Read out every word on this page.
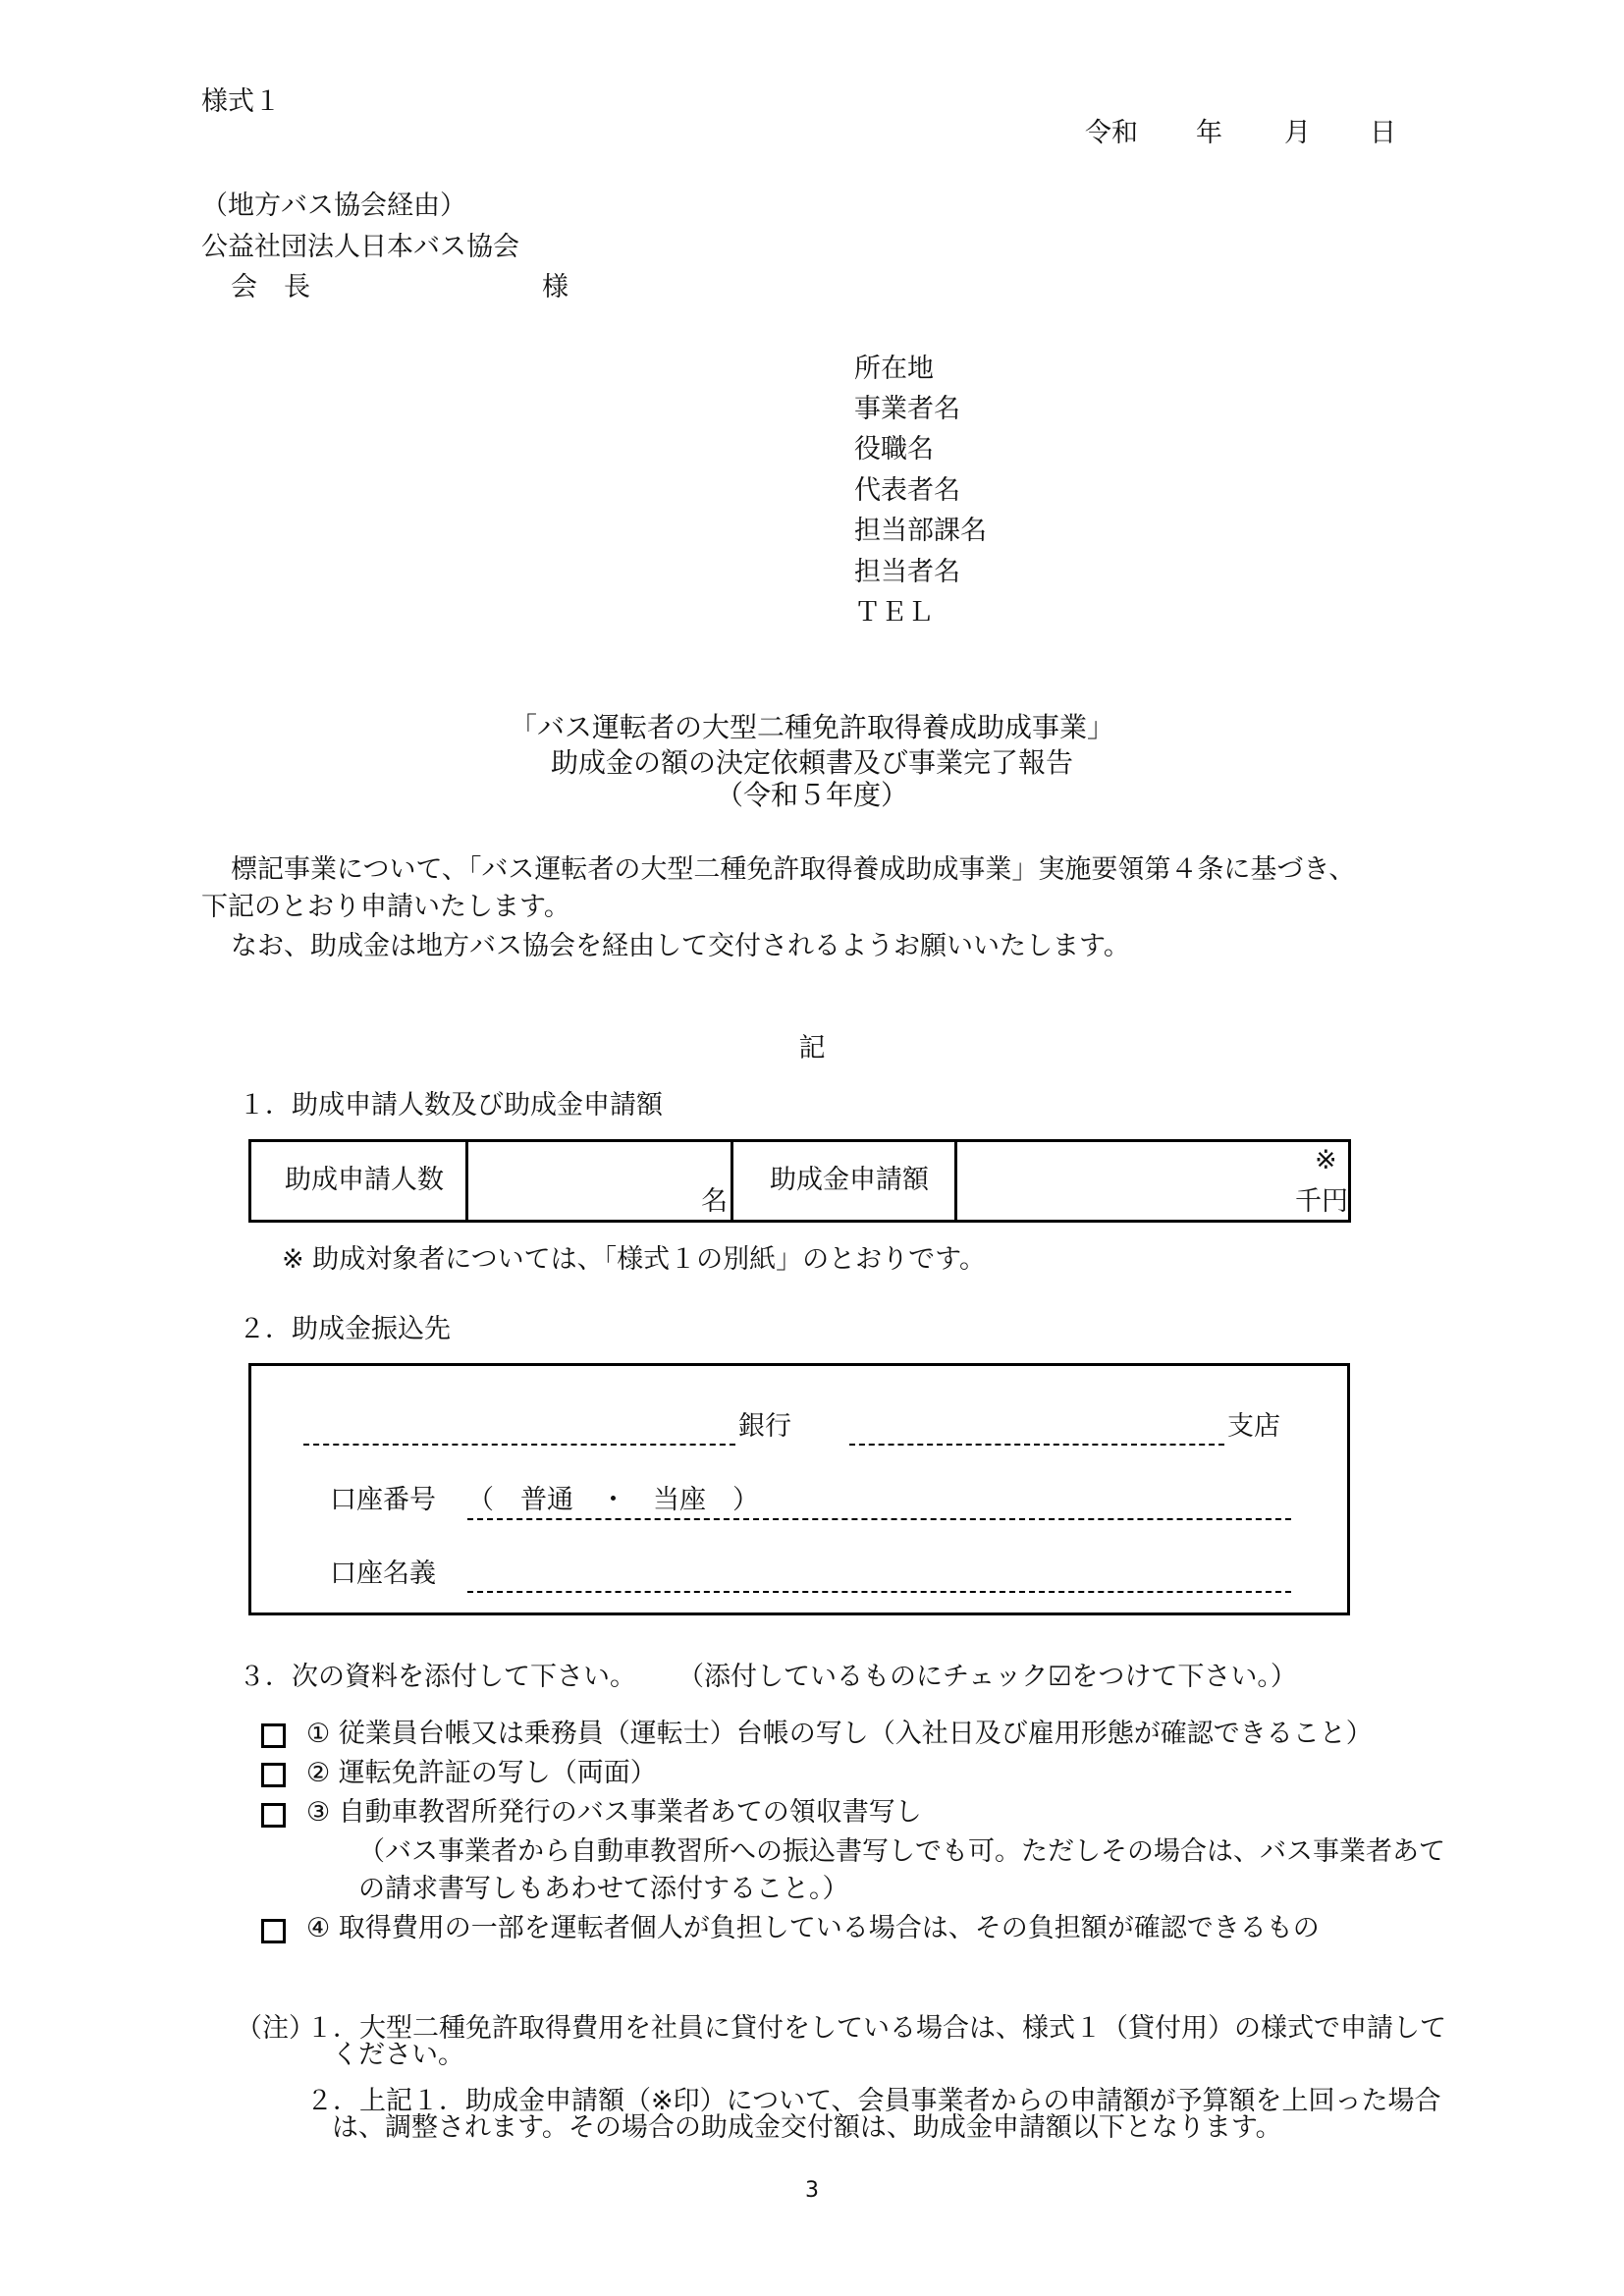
様式１
令和 年 月 日
（地方バス協会経由）
公益社団法人日本バス協会
会　長	様
所在地
事業者名
役職名
代表者名
担当部課名
担当者名
ＴＥＬ
「バス運転者の大型二種免許取得養成助成事業」
助成金の額の決定依頼書及び事業完了報告
（令和５年度）
標記事業について、「バス運転者の大型二種免許取得養成助成事業」実施要領第４条に基づき、
下記のとおり申請いたします。
なお、助成金は地方バス協会を経由して交付されるようお願いいたします。
記
１．助成申請人数及び助成金申請額
助成申請人数
名
助成金申請額
※
千円
※ 助成対象者については、「様式１の別紙」のとおりです。
２．助成金振込先
銀行	支店
口座番号 （　普通　・　当座　）
口座名義
３．次の資料を添付して下さい。 （添付しているものにチェック☑をつけて下さい。）
① 従業員台帳又は乗務員（運転士）台帳の写し（入社日及び雇用形態が確認できること）
② 運転免許証の写し（両面）
③ 自動車教習所発行のバス事業者あての領収書写し
（バス事業者から自動車教習所への振込書写しでも可。ただしその場合は、バス事業者あて
の請求書写しもあわせて添付すること。）
④ 取得費用の一部を運転者個人が負担している場合は、その負担額が確認できるもの
（注）
１．大型二種免許取得費用を社員に貸付をしている場合は、様式１（貸付用）の様式で申請して
ください。
２．上記１．助成金申請額（※印）について、会員事業者からの申請額が予算額を上回った場合
は、調整されます。その場合の助成金交付額は、助成金申請額以下となります。
3
